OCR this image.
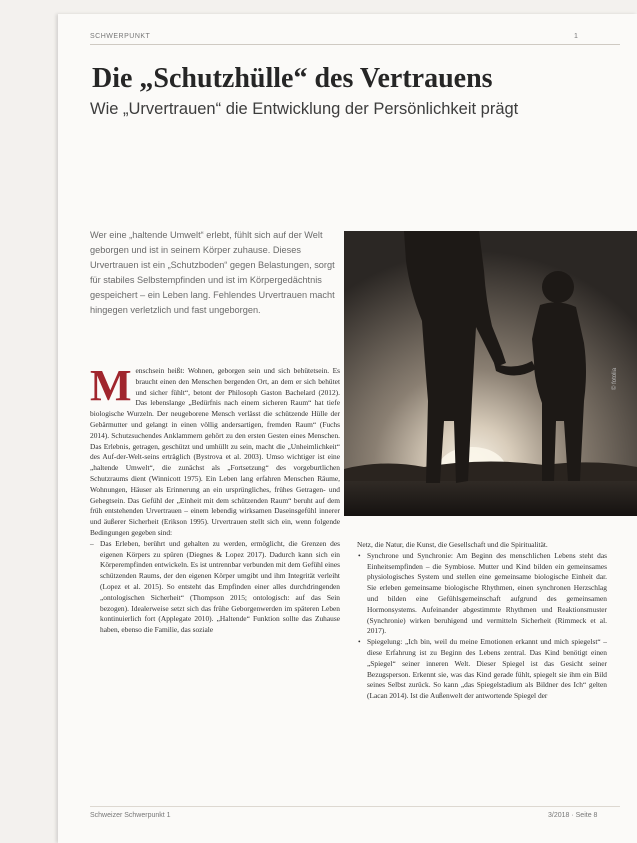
SCHWERPUNKT	1
Die „Schutzhülle“ des Vertrauens
Wie „Urvertrauen“ die Entwicklung der Persönlichkeit prägt
Wer eine „haltende Umwelt“ erlebt, fühlt sich auf der Welt geborgen und ist in seinem Körper zuhause. Dieses Urvertrauen ist ein „Schutzboden“ gegen Belastungen, sorgt für stabiles Selbstempfinden und ist im Körpergedächtnis gespeichert – ein Leben lang. Fehlendes Urvertrauen macht hingegen verletzlich und fast ungeborgen.
M enschsein heißt: Wohnen, geborgen sein und sich behütetsein. Es braucht einen den Menschen bergenden Ort, an dem er sich behütet und sicher fühlt“, betont der Philosoph Gaston Bachelard (2012). Das lebenslange „Bedürfnis nach einem sicheren Raum“ hat tiefe biologische Wurzeln. Der neugeborene Mensch verlässt die schützende Hülle der Gebärmutter und gelangt in einen völlig andersartigen, fremden Raum“ (Fuchs 2014). Schutzsuchendes Anklammern gehört zu den ersten Gesten eines Menschen. Das Erlebnis, getragen, geschützt und umhüllt zu sein, macht die „Unheimlichkeit“ des Auf-der-Welt-seins erträglich (Bystrova et al. 2003). Umso wichtiger ist eine „haltende Umwelt“, die zunächst als „Fortsetzung“ des vorgeburtlichen Schutzraums dient (Winnicott 1975). Ein Leben lang erfahren Menschen Räume, Wohnungen, Häuser als Erinnerung an ein ursprüngliches, frühes Getragen- und Gehegtsein. Das Gefühl der „Einheit mit dem schützenden Raum“ beruht auf dem früh entstehenden Urvertrauen – einem lebendig wirksamen Daseinsgefühl innerer und äußerer Sicherheit (Erikson 1995). Urvertrauen stellt sich ein, wenn folgende Bedingungen gegeben sind:

– Das Erleben, berührt und gehalten zu werden, ermöglicht, die Grenzen des eigenen Körpers zu spüren (Diegnes & Lopez 2017). Dadurch kann sich ein Körperempfinden entwickeln. Es ist untrennbar verbunden mit dem Gefühl eines schützenden Raums, der den eigenen Körper umgibt und ihm Integrität verleiht (Lopez et al. 2015). So entsteht das Empfinden einer alles durchdringenden „ontologischen Sicherheit“ (Thompson 2015; ontologisch: auf das Sein bezogen). Idealerweise setzt sich das frühe Geborgenwerden im späteren Leben kontinuierlich fort (Applegate 2010). „Haltende“ Funktion sollte das Zuhause haben, ebenso die Familie, das soziale
© fotolia

Netz, die Natur, die Kunst, die Gesellschaft und die Spiritualität.

• Synchrone und Synchronie: Am Beginn des menschlichen Lebens steht das Einheitsempfinden – die Symbiose. Mutter und Kind bilden ein gemeinsames physiologisches System und stellen eine gemeinsame biologische Einheit dar. Sie erleben gemeinsame biologische Rhythmen, einen synchronen Herzschlag und bilden eine Gefühlsgemeinschaft aufgrund des gemeinsamen Hormonsystems. Aufeinander abgestimmte Rhythmen und Reaktionsmuster (Synchronie) wirken beruhigend und vermitteln Sicherheit (Rimmeck et al. 2017).
• Spiegelung: „Ich bin, weil du meine Emotionen erkannt und mich spiegelst“ – diese Erfahrung ist zu Beginn des Lebens zentral. Das Kind benötigt einen „Spiegel“ seiner inneren Welt. Dieser Spiegel ist das Gesicht seiner Bezugsperson. Erkennt sie, was das Kind gerade fühlt, spiegelt sie ihm ein Bild seines Selbst zurück. So kann „das Spiegelstadium als Bildner des Ich“ gelten (Lacan 2014). Ist die Außenwelt der antwortende Spiegel der
Schweizer Schwerpunkt 1	3/2018 · Seite 8
